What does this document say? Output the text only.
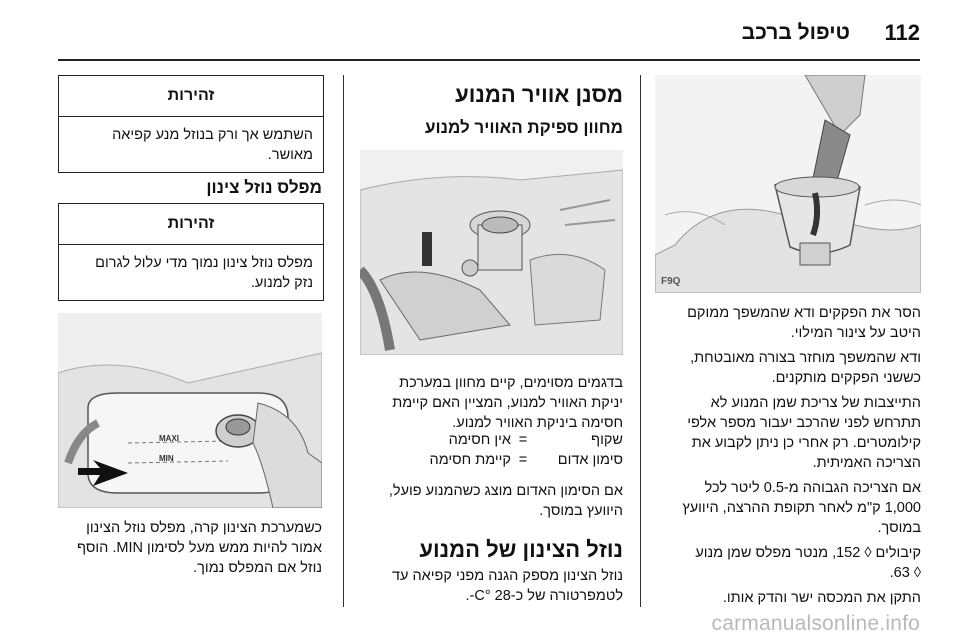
112
טיפול ברכב
F9Q
הסר את הפקקים ודא שהמשפך ממוקם
היטב על צינור המילוי.
ודא שהמשפך מוחזר בצורה מאובטחת,
כששני הפקקים מותקנים.
התייצבות של צריכת שמן המנוע לא
תתרחש לפני שהרכב יעבור מספר אלפי
קילומטרים. רק אחרי כן ניתן לקבוע את
הצריכה האמיתית.
אם הצריכה הגבוהה מ-0.5 ליטר לכל
1,000 ק"מ לאחר תקופת ההרצה, היוועץ
במוסך.
קיבולים ◊ 152, מנטר מפלס שמן מנוע
◊ 63.
התקן את המכסה ישר והדק אותו.
מסנן אוויר המנוע
מחוון ספיקת האוויר למנוע
בדגמים מסוימים, קיים מחוון במערכת
יניקת האוויר למנוע, המציין האם קיימת
חסימה ביניקת האוויר למנוע.
שקוף
=
אין חסימה
סימון אדום
=
קיימת חסימה
אם הסימון האדום מוצג כשהמנוע פועל,
היוועץ במוסך.
נוזל הצינון של המנוע
נוזל הצינון מספק הגנה מפני קפיאה עד
לטמפרטורה של כ-28 °C-.
זהירות
השתמש אך ורק בנוזל מנע קפיאה
מאושר.
מפלס נוזל צינון
זהירות
מפלס נוזל צינון נמוך מדי עלול לגרום
נזק למנוע.
MAXI
MIN
כשמערכת הצינון קרה, מפלס נוזל הצינון
אמור להיות ממש מעל לסימון MIN. הוסף
נוזל אם המפלס נמוך.
carmanualsonline.info
